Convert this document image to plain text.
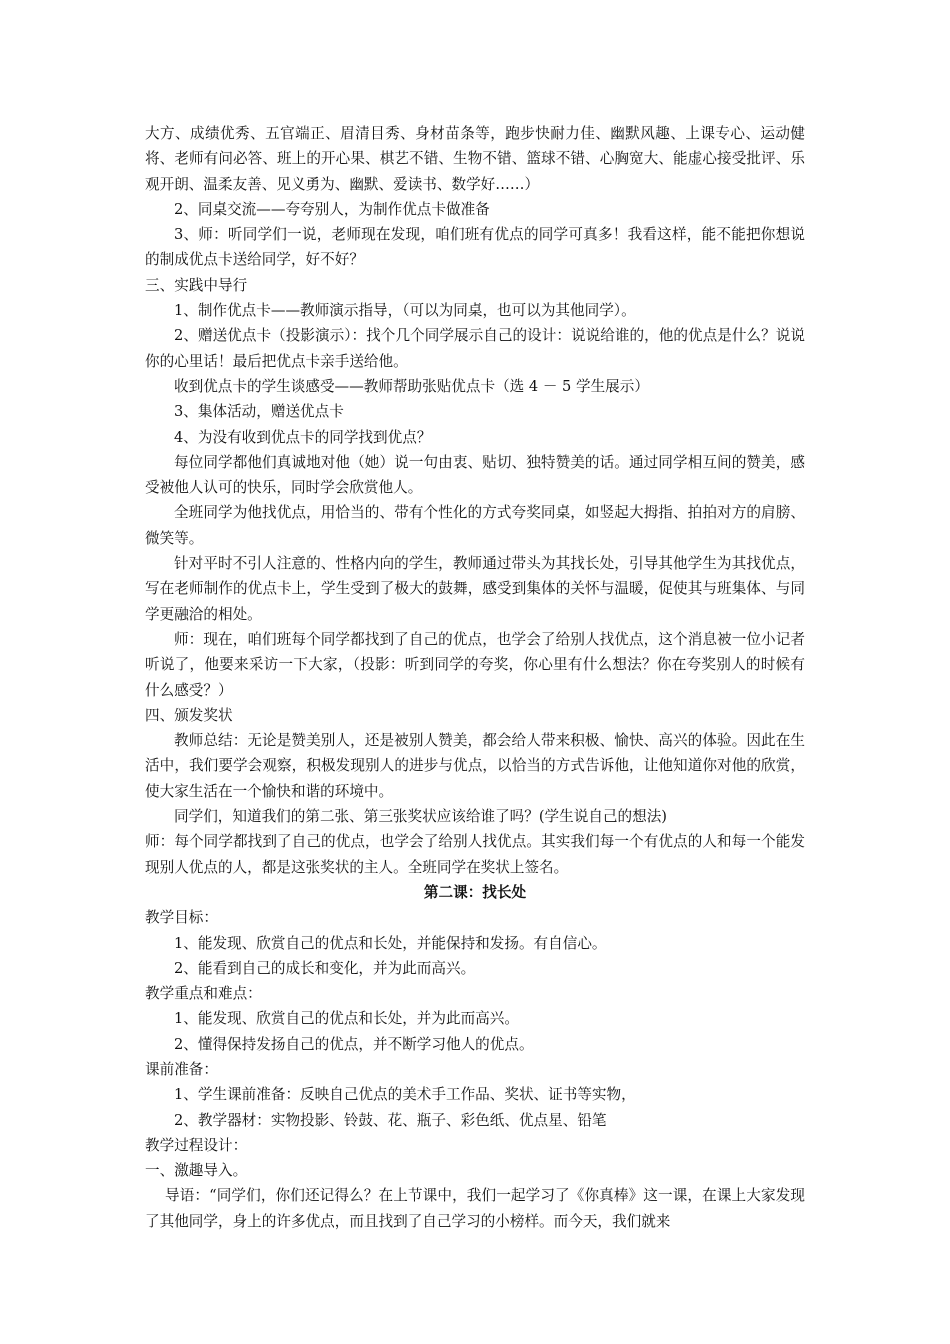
大方、成绩优秀、五官端正、眉清目秀、身材苗条等，跑步快耐力佳、幽默风趣、上课专心、运动健将、老师有问必答、班上的开心果、棋艺不错、生物不错、篮球不错、心胸宽大、能虚心接受批评、乐观开朗、温柔友善、见义勇为、幽默、爱读书、数学好……）

2、同桌交流——夸夸别人，为制作优点卡做准备

3、师：听同学们一说，老师现在发现，咱们班有优点的同学可真多！我看这样，能不能把你想说的制成优点卡送给同学，好不好？

三、实践中导行

1、制作优点卡——教师演示指导，（可以为同桌，也可以为其他同学）。

2、赠送优点卡（投影演示）：找个几个同学展示自己的设计：说说给谁的，他的优点是什么？说说你的心里话！最后把优点卡亲手送给他。

收到优点卡的学生谈感受——教师帮助张贴优点卡（选 4 － 5 学生展示）

3、集体活动，赠送优点卡

4、为没有收到优点卡的同学找到优点？

每位同学都他们真诚地对他（她）说一句由衷、贴切、独特赞美的话。通过同学相互间的赞美，感受被他人认可的快乐，同时学会欣赏他人。

全班同学为他找优点，用恰当的、带有个性化的方式夸奖同桌，如竖起大拇指、拍拍对方的肩膀、微笑等。

针对平时不引人注意的、性格内向的学生，教师通过带头为其找长处，引导其他学生为其找优点，写在老师制作的优点卡上，学生受到了极大的鼓舞，感受到集体的关怀与温暖，促使其与班集体、与同学更融洽的相处。

师：现在，咱们班每个同学都找到了自己的优点，也学会了给别人找优点，这个消息被一位小记者听说了，他要来采访一下大家，（投影：听到同学的夸奖，你心里有什么想法？你在夸奖别人的时候有什么感受？）

四、颁发奖状

教师总结：无论是赞美别人，还是被别人赞美，都会给人带来积极、愉快、高兴的体验。因此在生活中，我们要学会观察，积极发现别人的进步与优点，以恰当的方式告诉他，让他知道你对他的欣赏，使大家生活在一个愉快和谐的环境中。

同学们，知道我们的第二张、第三张奖状应该给谁了吗？(学生说自己的想法)

师：每个同学都找到了自己的优点，也学会了给别人找优点。其实我们每一个有优点的人和每一个能发现别人优点的人，都是这张奖状的主人。全班同学在奖状上签名。

第二课：找长处

教学目标：

1、能发现、欣赏自己的优点和长处，并能保持和发扬。有自信心。

2、能看到自己的成长和变化，并为此而高兴。

教学重点和难点：

1、能发现、欣赏自己的优点和长处，并为此而高兴。

2、懂得保持发扬自己的优点，并不断学习他人的优点。

课前准备：

1、学生课前准备：反映自己优点的美术手工作品、奖状、证书等实物，

2、教学器材：实物投影、铃鼓、花、瓶子、彩色纸、优点星、铅笔

教学过程设计：

一、激趣导入。

导语：“同学们，你们还记得么？在上节课中，我们一起学习了《你真棒》这一课，在课上大家发现了其他同学，身上的许多优点，而且找到了自己学习的小榜样。而今天，我们就来
